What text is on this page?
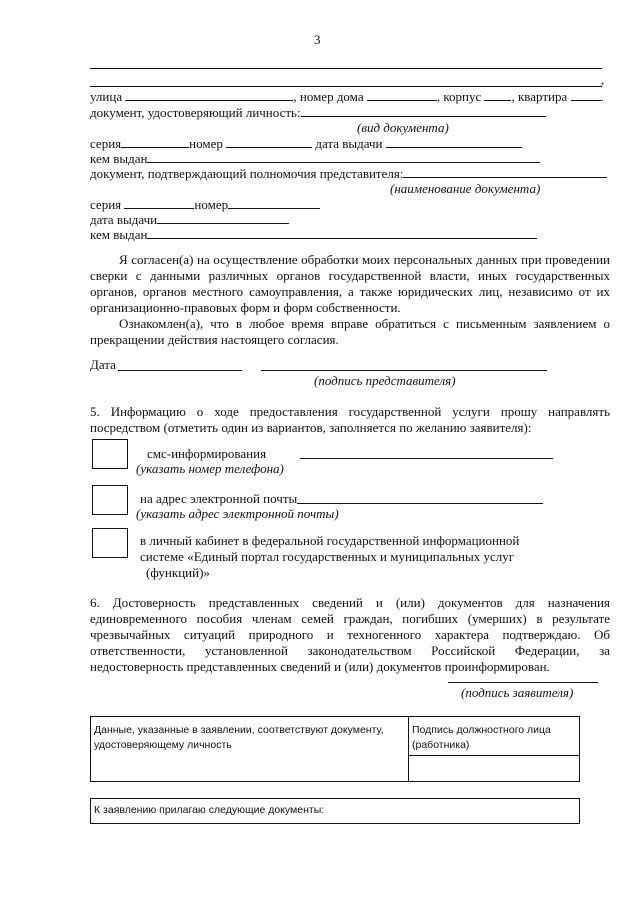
3
,
улица	, номер дома	, корпус , квартира	.
документ, удостоверяющий личность:
(вид документа)
серия	номер	дата выдачи
кем выдан
документ, подтверждающий полномочия представителя:
(наименование документа)
серия	номер
дата выдачи
кем выдан
Я согласен(а) на осуществление обработки моих персональных данных при проведении сверки с данными различных органов государственной власти, иных государственных органов, органов местного самоуправления, а также юридических лиц, независимо от их организационно-правовых форм и форм собственности.
Ознакомлен(а), что в любое время вправе обратиться с письменным заявлением о прекращении действия настоящего согласия.
Дата
(подпись представителя)
5. Информацию о ходе предоставления государственной услуги прошу направлять посредством (отметить один из вариантов, заполняется по желанию заявителя):
смс-информирования
(указать номер телефона)
на адрес электронной почты
(указать адрес электронной почты)
в личный кабинет в федеральной государственной информационной
системе «Единый портал государственных и муниципальных услуг
(функций)»
6. Достоверность представленных сведений и (или) документов для назначения единовременного пособия членам семей граждан, погибших (умерших) в результате чрезвычайных ситуаций природного и техногенного характера подтверждаю. Об ответственности, установленной законодательством Российской Федерации, за недостоверность представленных сведений и (или) документов проинформирован.
(подпись заявителя)
Данные, указанные в заявлении, соответствуют документу, удостоверяющему личность
Подпись должностного лица (работника)
К заявлению прилагаю следующие документы:
